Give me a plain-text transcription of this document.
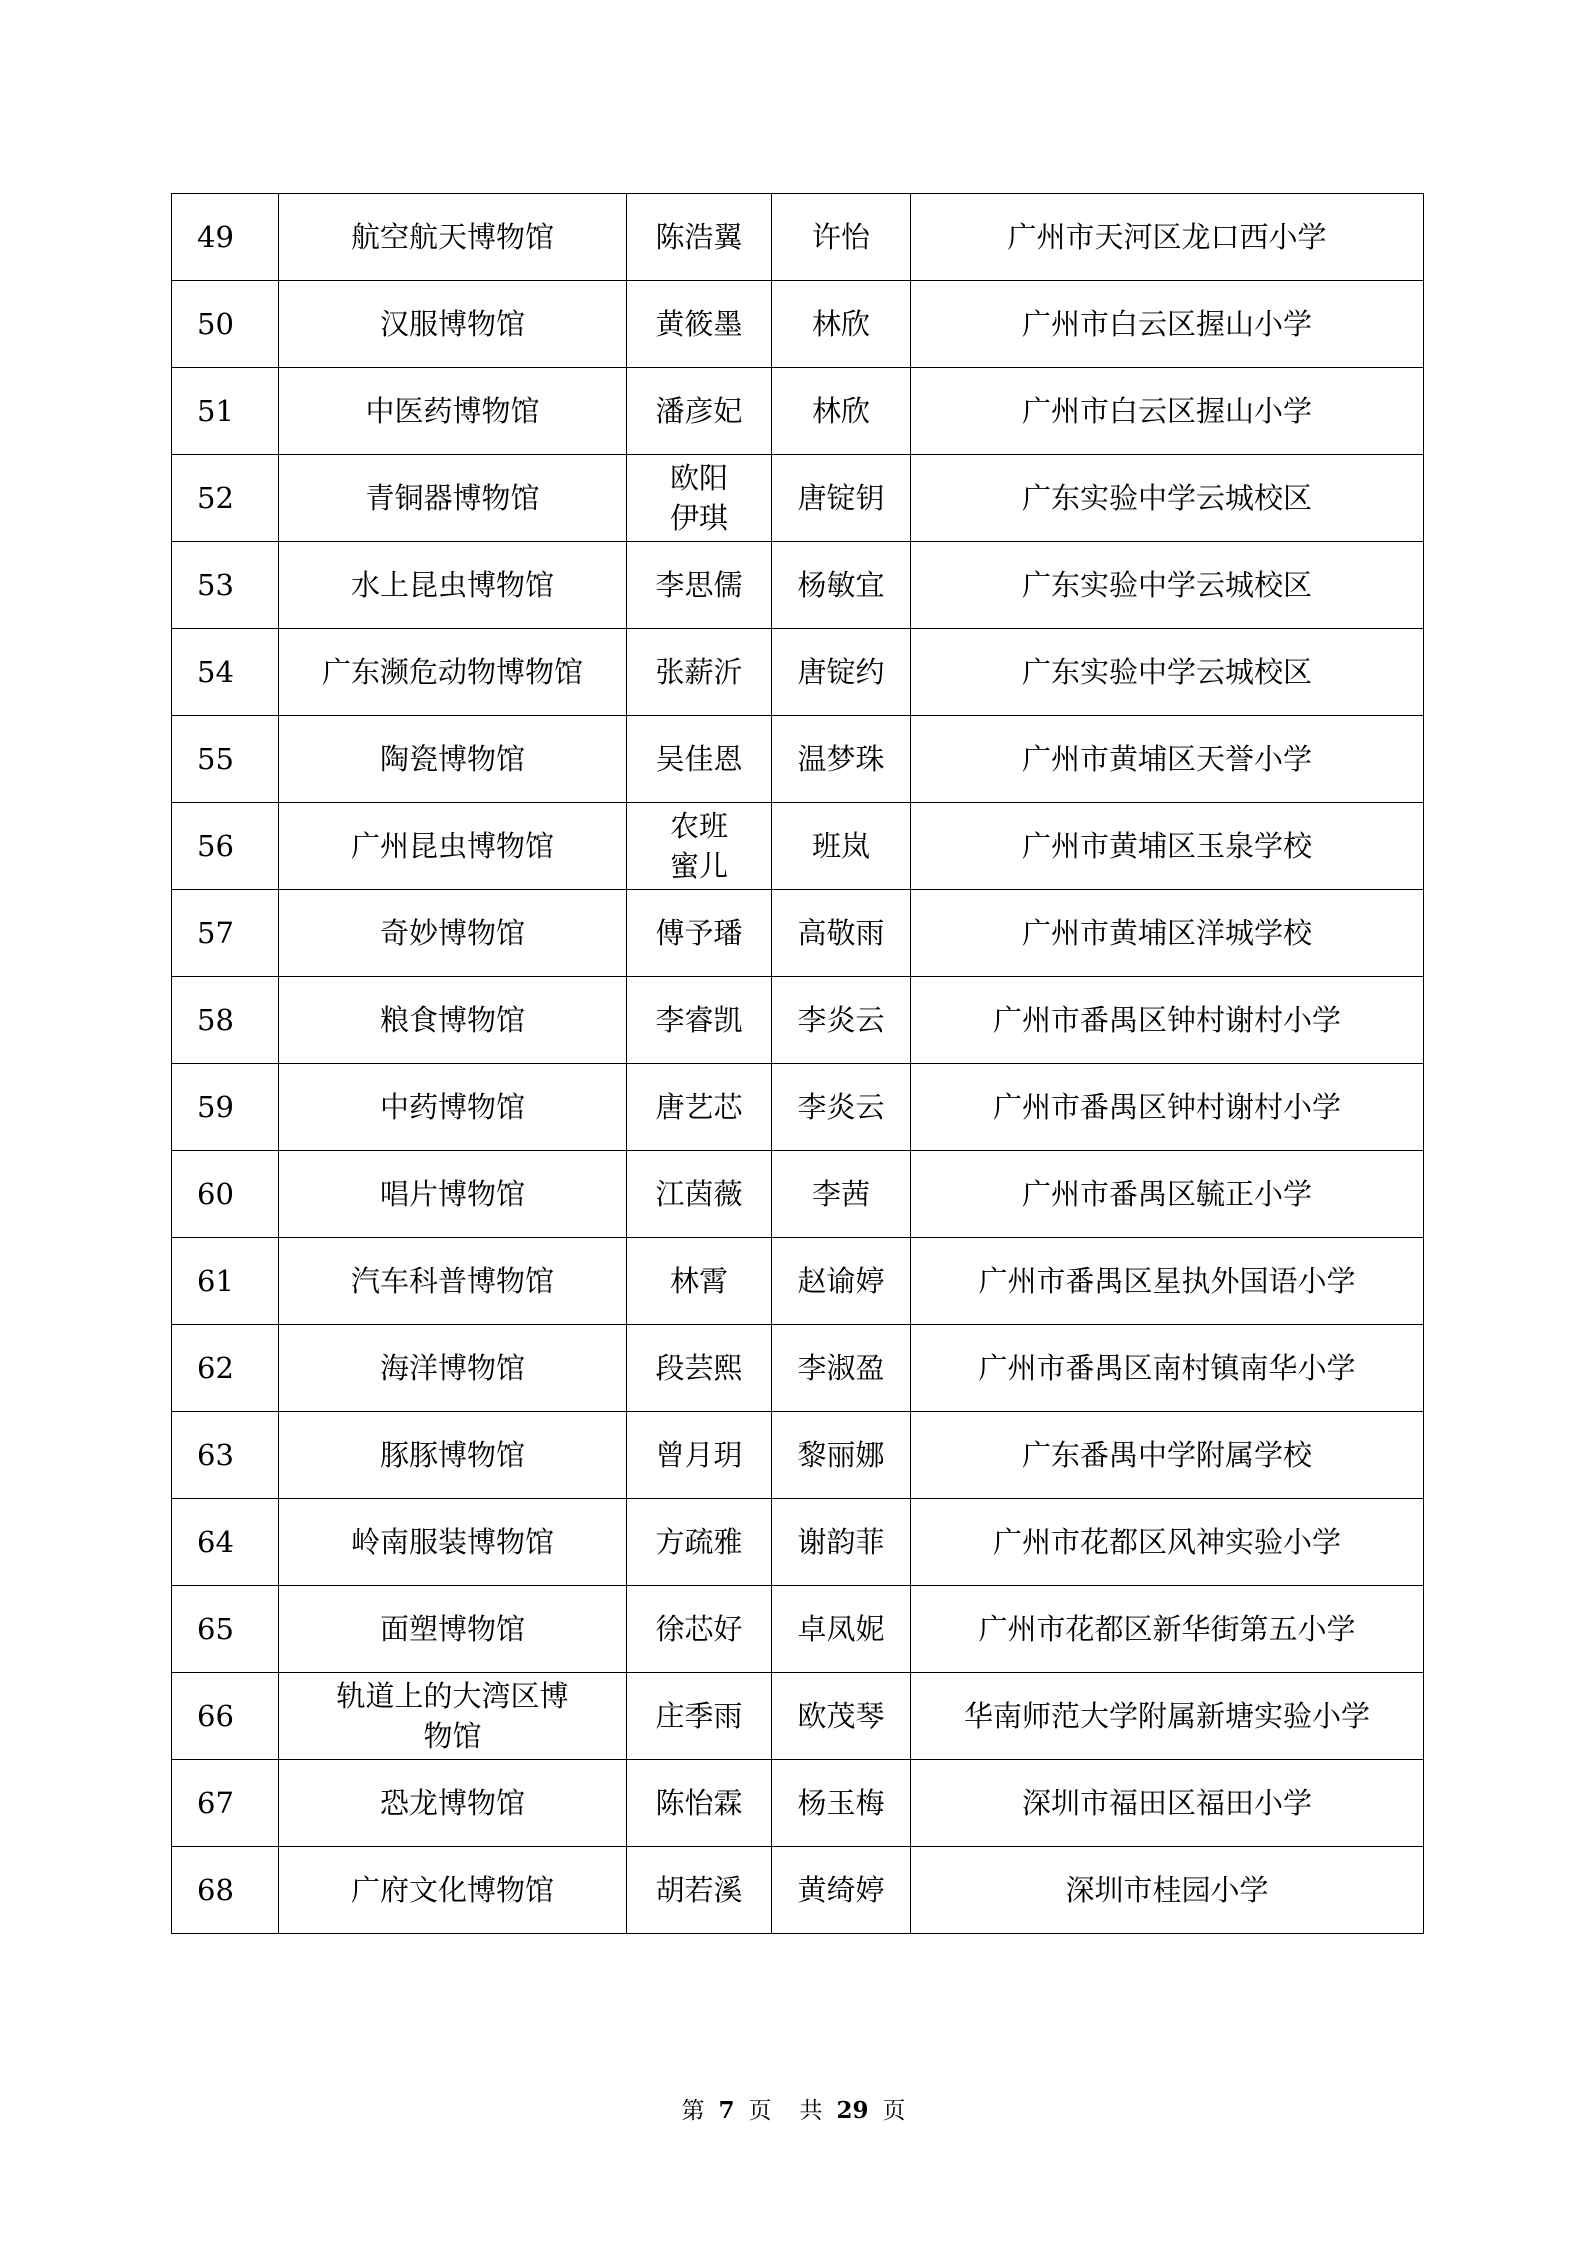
49	航空航天博物馆	陈浩翼	许怡	广州市天河区龙口西小学
50	汉服博物馆	黄筱墨	林欣	广州市白云区握山小学
51	中医药博物馆	潘彦妃	林欣	广州市白云区握山小学
52	青铜器博物馆	欧阳伊琪	唐锭钥	广东实验中学云城校区
53	水上昆虫博物馆	李思儒	杨敏宜	广东实验中学云城校区
54	广东濒危动物博物馆	张薪沂	唐锭约	广东实验中学云城校区
55	陶瓷博物馆	吴佳恩	温梦珠	广州市黄埔区天誉小学
56	广州昆虫博物馆	农班蜜儿	班岚	广州市黄埔区玉泉学校
57	奇妙博物馆	傅予璠	高敬雨	广州市黄埔区洋城学校
58	粮食博物馆	李睿凯	李炎云	广州市番禺区钟村谢村小学
59	中药博物馆	唐艺芯	李炎云	广州市番禺区钟村谢村小学
60	唱片博物馆	江茵薇	李茜	广州市番禺区毓正小学
61	汽车科普博物馆	林霄	赵谕婷	广州市番禺区星执外国语小学
62	海洋博物馆	段芸熙	李淑盈	广州市番禺区南村镇南华小学
63	豚豚博物馆	曾月玥	黎丽娜	广东番禺中学附属学校
64	岭南服装博物馆	方疏雅	谢韵菲	广州市花都区风神实验小学
65	面塑博物馆	徐芯好	卓凤妮	广州市花都区新华街第五小学
66	轨道上的大湾区博物馆	庄季雨	欧茂琴	华南师范大学附属新塘实验小学
67	恐龙博物馆	陈怡霖	杨玉梅	深圳市福田区福田小学
68	广府文化博物馆	胡若溪	黄绮婷	深圳市桂园小学
第 7 页 共 29 页
